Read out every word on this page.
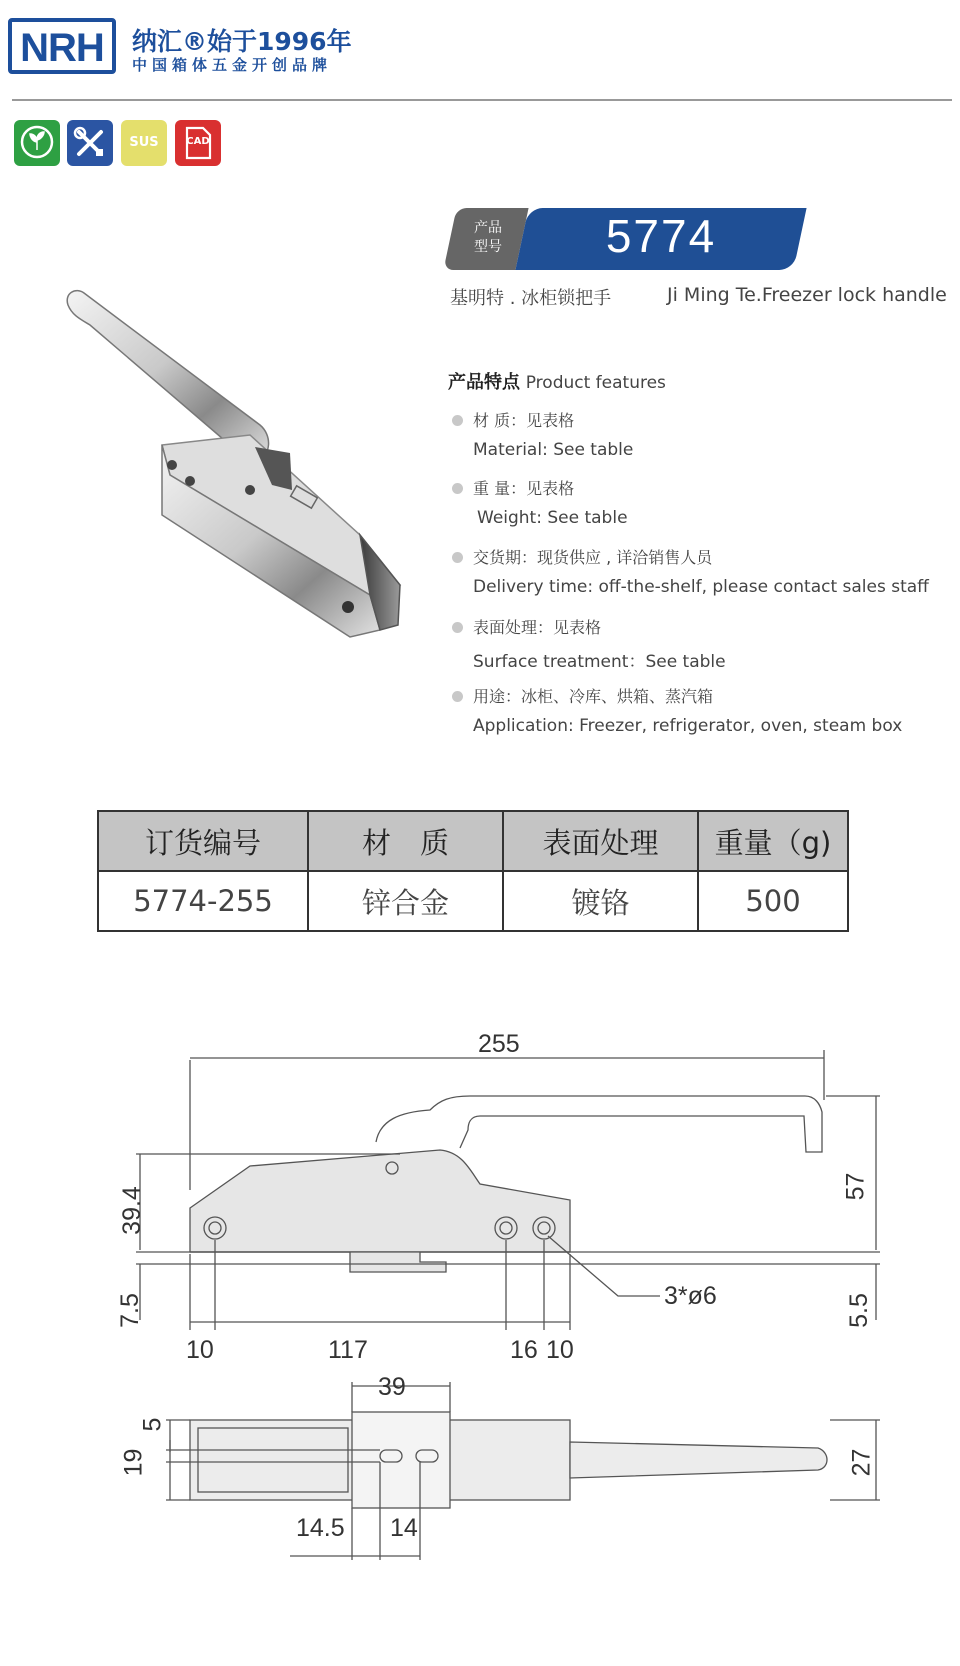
NRH	纳汇®始于1996年
中国箱体五金开创品牌
SUS	CAD
产品
型号	5774
基明特 . 冰柜锁把手	Ji Ming Te.Freezer lock handle
产品特点 Product features
材 质：见表格
Material: See table
重 量：见表格
Weight: See table
交货期：现货供应 , 详洽销售人员
Delivery time: off-the-shelf, please contact sales staff
表面处理：见表格
Surface treatment：See table
用途：冰柜、冷库、烘箱、蒸汽箱
Application: Freezer, refrigerator, oven, steam box
订货编号	材　质	表面处理	重量（g)
5774-255	锌合金	镀铬	500
255
57
39.4
7.5	5.5
3*ø6
10	117	16 10
39
5
19	27
14.5 14
